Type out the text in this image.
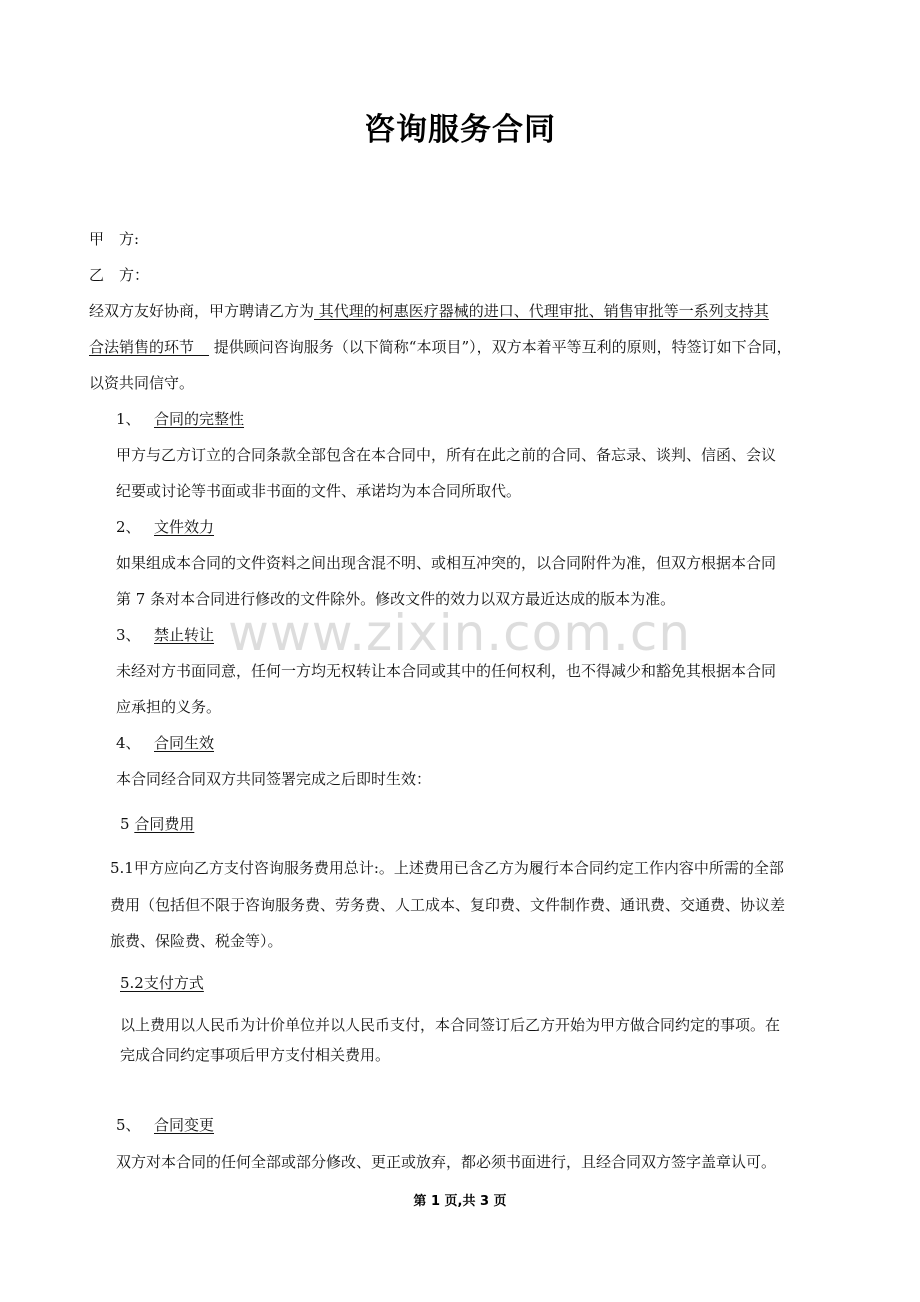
咨询服务合同
甲　方:
乙　方：
经双方友好协商，甲方聘请乙方为 其代理的柯惠医疗器械的进口、代理审批、销售审批等一系列支持其
合法销售的环节　 提供顾问咨询服务（以下简称“本项目”），双方本着平等互利的原则，特签订如下合同，
以资共同信守。
1、 合同的完整性
甲方与乙方订立的合同条款全部包含在本合同中，所有在此之前的合同、备忘录、谈判、信函、会议
纪要或讨论等书面或非书面的文件、承诺均为本合同所取代。
2、 文件效力
如果组成本合同的文件资料之间出现含混不明、或相互冲突的，以合同附件为准，但双方根据本合同
第 7 条对本合同进行修改的文件除外。修改文件的效力以双方最近达成的版本为准。
3、 禁止转让
未经对方书面同意，任何一方均无权转让本合同或其中的任何权利，也不得减少和豁免其根据本合同
应承担的义务。
4、 合同生效
本合同经合同双方共同签署完成之后即时生效：
5 合同费用
5.1甲方应向乙方支付咨询服务费用总计:。上述费用已含乙方为履行本合同约定工作内容中所需的全部
费用（包括但不限于咨询服务费、劳务费、人工成本、复印费、文件制作费、通讯费、交通费、协议差
旅费、保险费、税金等）。
5.2支付方式
以上费用以人民币为计价单位并以人民币支付，本合同签订后乙方开始为甲方做合同约定的事项。在
完成合同约定事项后甲方支付相关费用。
5、 合同变更
双方对本合同的任何全部或部分修改、更正或放弃，都必须书面进行，且经合同双方签字盖章认可。
www.zixin.com.cn
第 1 页,共 3 页
